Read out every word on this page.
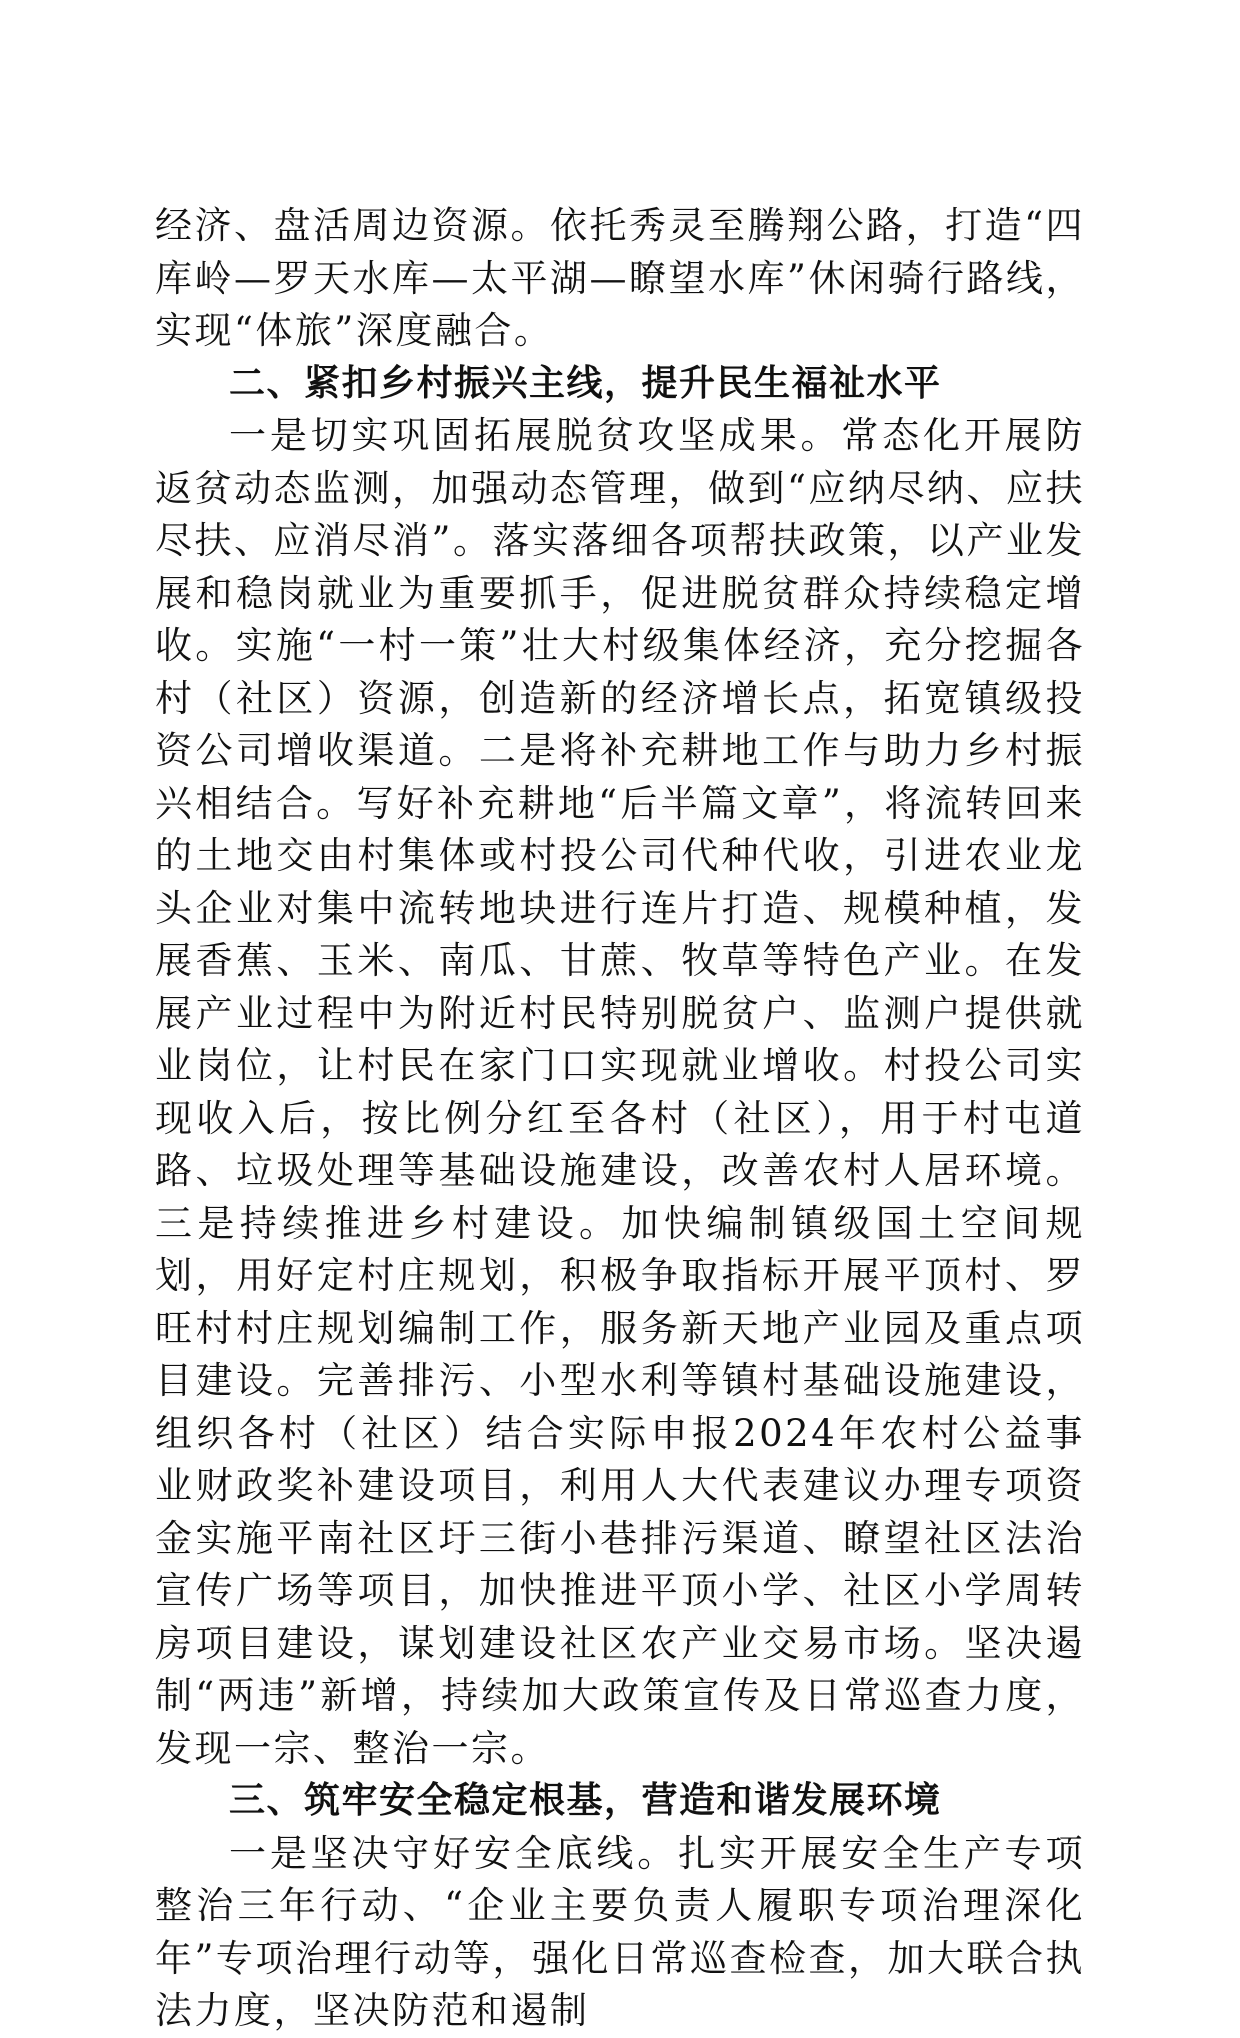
经济、盘活周边资源。依托秀灵至腾翔公路，打造“四库岭—罗天水库—太平湖—瞭望水库”休闲骑行路线，实现“体旅”深度融合。

二、紧扣乡村振兴主线，提升民生福祉水平

一是切实巩固拓展脱贫攻坚成果。常态化开展防返贫动态监测，加强动态管理，做到“应纳尽纳、应扶尽扶、应消尽消”。落实落细各项帮扶政策，以产业发展和稳岗就业为重要抓手，促进脱贫群众持续稳定增收。实施“一村一策”壮大村级集体经济，充分挖掘各村（社区）资源，创造新的经济增长点，拓宽镇级投资公司增收渠道。二是将补充耕地工作与助力乡村振兴相结合。写好补充耕地“后半篇文章”，将流转回来的土地交由村集体或村投公司代种代收，引进农业龙头企业对集中流转地块进行连片打造、规模种植，发展香蕉、玉米、南瓜、甘蔗、牧草等特色产业。在发展产业过程中为附近村民特别脱贫户、监测户提供就业岗位，让村民在家门口实现就业增收。村投公司实现收入后，按比例分红至各村（社区），用于村屯道路、垃圾处理等基础设施建设，改善农村人居环境。三是持续推进乡村建设。加快编制镇级国土空间规划，用好定村庄规划，积极争取指标开展平顶村、罗旺村村庄规划编制工作，服务新天地产业园及重点项目建设。完善排污、小型水利等镇村基础设施建设，组织各村（社区）结合实际申报2024年农村公益事业财政奖补建设项目，利用人大代表建议办理专项资金实施平南社区圩三街小巷排污渠道、瞭望社区法治宣传广场等项目，加快推进平顶小学、社区小学周转房项目建设，谋划建设社区农产业交易市场。坚决遏制“两违”新增，持续加大政策宣传及日常巡查力度，发现一宗、整治一宗。

三、筑牢安全稳定根基，营造和谐发展环境

一是坚决守好安全底线。扎实开展安全生产专项整治三年行动、“企业主要负责人履职专项治理深化年”专项治理行动等，强化日常巡查检查，加大联合执法力度，坚决防范和遏制
